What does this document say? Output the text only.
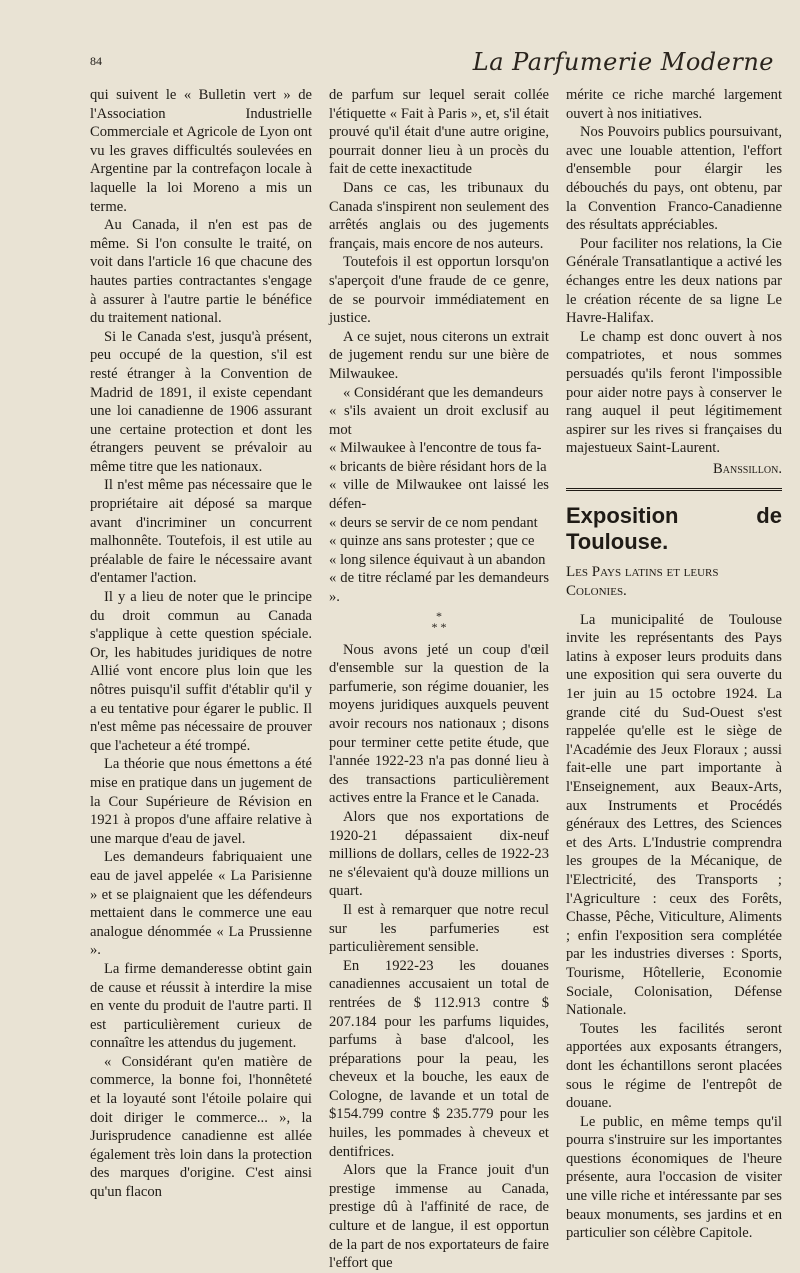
84	La Parfumerie Moderne

qui suivent le « Bulletin vert » de l'Association Industrielle Commerciale et Agricole de Lyon ont vu les graves difficultés soulevées en Argentine par la contrefaçon locale à laquelle la loi Moreno a mis un terme.

Au Canada, il n'en est pas de même. Si l'on consulte le traité, on voit dans l'article 16 que chacune des hautes parties contractantes s'engage à assurer à l'autre partie le bénéfice du traitement national.

Si le Canada s'est, jusqu'à présent, peu occupé de la question, s'il est resté étranger à la Convention de Madrid de 1891, il existe cependant une loi canadienne de 1906 assurant une certaine protection et dont les étrangers peuvent se prévaloir au même titre que les nationaux.

Il n'est même pas nécessaire que le propriétaire ait déposé sa marque avant d'incriminer un concurrent malhonnête. Toutefois, il est utile au préalable de faire le nécessaire avant d'entamer l'action.

Il y a lieu de noter que le principe du droit commun au Canada s'applique à cette question spéciale. Or, les habitudes juridiques de notre Allié vont encore plus loin que les nôtres puisqu'il suffit d'établir qu'il y a eu tentative pour égarer le public. Il n'est même pas nécessaire de prouver que l'acheteur a été trompé.

La théorie que nous émettons a été mise en pratique dans un jugement de la Cour Supérieure de Révision en 1921 à propos d'une affaire relative à une marque d'eau de javel.

Les demandeurs fabriquaient une eau de javel appelée « La Parisienne » et se plaignaient que les défendeurs mettaient dans le commerce une eau analogue dénommée « La Prussienne ».

La firme demanderesse obtint gain de cause et réussit à interdire la mise en vente du produit de l'autre parti. Il est particulièrement curieux de connaître les attendus du jugement.

« Considérant qu'en matière de commerce, la bonne foi, l'honnêteté et la loyauté sont l'étoile polaire qui doit diriger le commerce... », la Jurisprudence canadienne est allée également très loin dans la protection des marques d'origine. C'est ainsi qu'un flacon

de parfum sur lequel serait collée l'étiquette « Fait à Paris », et, s'il était prouvé qu'il était d'une autre origine, pourrait donner lieu à un procès du fait de cette inexactitude

Dans ce cas, les tribunaux du Canada s'inspirent non seulement des arrêtés anglais ou des jugements français, mais encore de nos auteurs.

Toutefois il est opportun lorsqu'on s'aperçoit d'une fraude de ce genre, de se pourvoir immédiatement en justice.

A ce sujet, nous citerons un extrait de jugement rendu sur une bière de Milwaukee.

« Considérant que les demandeurs

« s'ils avaient un droit exclusif au mot

« Milwaukee à l'encontre de tous fa-

« bricants de bière résidant hors de la

« ville de Milwaukee ont laissé les défen-

« deurs se servir de ce nom pendant

« quinze ans sans protester ; que ce

« long silence équivaut à un abandon

« de titre réclamé par les demandeurs ».

*
* *

Nous avons jeté un coup d'œil d'ensemble sur la question de la parfumerie, son régime douanier, les moyens juridiques auxquels peuvent avoir recours nos nationaux ; disons pour terminer cette petite étude, que l'année 1922-23 n'a pas donné lieu à des transactions particulièrement actives entre la France et le Canada.

Alors que nos exportations de 1920-21 dépassaient dix-neuf millions de dollars, celles de 1922-23 ne s'élevaient qu'à douze millions un quart.

Il est à remarquer que notre recul sur les parfumeries est particulièrement sensible.

En 1922-23 les douanes canadiennes accusaient un total de rentrées de $ 112.913 contre $ 207.184 pour les parfums liquides, parfums à base d'alcool, les préparations pour la peau, les cheveux et la bouche, les eaux de Cologne, de lavande et un total de $154.799 contre $ 235.779 pour les huiles, les pommades à cheveux et dentifrices.

Alors que la France jouit d'un prestige immense au Canada, prestige dû à l'affinité de race, de culture et de langue, il est opportun de la part de nos exportateurs de faire l'effort que

mérite ce riche marché largement ouvert à nos initiatives.

Nos Pouvoirs publics poursuivant, avec une louable attention, l'effort d'ensemble pour élargir les débouchés du pays, ont obtenu, par la Convention Franco-Canadienne des résultats appréciables.

Pour faciliter nos relations, la Cie Générale Transatlantique a activé les échanges entre les deux nations par le création récente de sa ligne Le Havre-Halifax.

Le champ est donc ouvert à nos compatriotes, et nous sommes persuadés qu'ils feront l'impossible pour aider notre pays à conserver le rang auquel il peut légitimement aspirer sur les rives si françaises du majestueux Saint-Laurent.

Banssillon.
Exposition de Toulouse.
Les Pays latins et leurs Colonies.

La municipalité de Toulouse invite les représentants des Pays latins à exposer leurs produits dans une exposition qui sera ouverte du 1er juin au 15 octobre 1924. La grande cité du Sud-Ouest s'est rappelée qu'elle est le siège de l'Académie des Jeux Floraux ; aussi fait-elle une part importante à l'Enseignement, aux Beaux-Arts, aux Instruments et Procédés généraux des Lettres, des Sciences et des Arts. L'Industrie comprendra les groupes de la Mécanique, de l'Electricité, des Transports ; l'Agriculture : ceux des Forêts, Chasse, Pêche, Viticulture, Aliments ; enfin l'exposition sera complétée par les industries diverses : Sports, Tourisme, Hôtellerie, Economie Sociale, Colonisation, Défense Nationale.

Toutes les facilités seront apportées aux exposants étrangers, dont les échantillons seront placées sous le régime de l'entrepôt de douane.

Le public, en même temps qu'il pourra s'instruire sur les importantes questions économiques de l'heure présente, aura l'occasion de visiter une ville riche et intéressante par ses beaux monuments, ses jardins et en particulier son célèbre Capitole.
